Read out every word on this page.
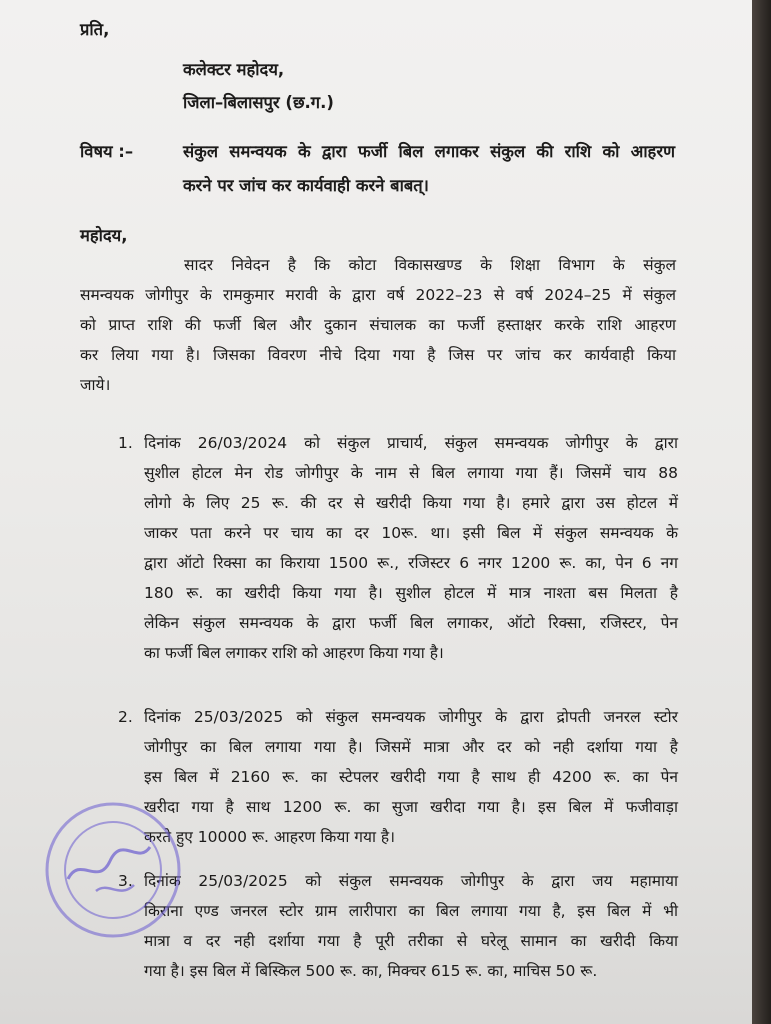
प्रति,
कलेक्टर महोदय,
जिला–बिलासपुर (छ.ग.)
विषय :–	संकुल समन्वयक के द्वारा फर्जी बिल लगाकर संकुल की राशि को आहरण
करने पर जांच कर कार्यवाही करने बाबत्।
महोदय,
सादर निवेदन है कि कोटा विकासखण्ड के शिक्षा विभाग के संकुल
समन्वयक जोगीपुर के रामकुमार मरावी के द्वारा वर्ष 2022–23 से वर्ष 2024–25 में संकुल
को प्राप्त राशि की फर्जी बिल और दुकान संचालक का फर्जी हस्ताक्षर करके राशि आहरण
कर लिया गया है। जिसका विवरण नीचे दिया गया है जिस पर जांच कर कार्यवाही किया
जाये।
1. दिनांक 26/03/2024 को संकुल प्राचार्य, संकुल समन्वयक जोगीपुर के द्वारा
सुशील होटल मेन रोड जोगीपुर के नाम से बिल लगाया गया हैं। जिसमें चाय 88
लोगो के लिए 25 रू. की दर से खरीदी किया गया है। हमारे द्वारा उस होटल में
जाकर पता करने पर चाय का दर 10रू. था। इसी बिल में संकुल समन्वयक के
द्वारा ऑटो रिक्सा का किराया 1500 रू., रजिस्टर 6 नगर 1200 रू. का, पेन 6 नग
180 रू. का खरीदी किया गया है। सुशील होटल में मात्र नाश्ता बस मिलता है
लेकिन संकुल समन्वयक के द्वारा फर्जी बिल लगाकर, ऑटो रिक्सा, रजिस्टर, पेन
का फर्जी बिल लगाकर राशि को आहरण किया गया है।
2. दिनांक 25/03/2025 को संकुल समन्वयक जोगीपुर के द्वारा द्रोपती जनरल स्टोर
जोगीपुर का बिल लगाया गया है। जिसमें मात्रा और दर को नही दर्शाया गया है
इस बिल में 2160 रू. का स्टेपलर खरीदी गया है साथ ही 4200 रू. का पेन
खरीदा गया है साथ 1200 रू. का सुजा खरीदा गया है। इस बिल में फजीवाड़ा
करते हुए 10000 रू. आहरण किया गया है।
3. दिनांक 25/03/2025 को संकुल समन्वयक जोगीपुर के द्वारा जय महामाया
किराना एण्ड जनरल स्टोर ग्राम लारीपारा का बिल लगाया गया है, इस बिल में भी
मात्रा व दर नही दर्शाया गया है पूरी तरीका से घरेलू सामान का खरीदी किया
गया है। इस बिल में बिस्किल 500 रू. का, मिक्चर 615 रू. का, माचिस 50 रू.
